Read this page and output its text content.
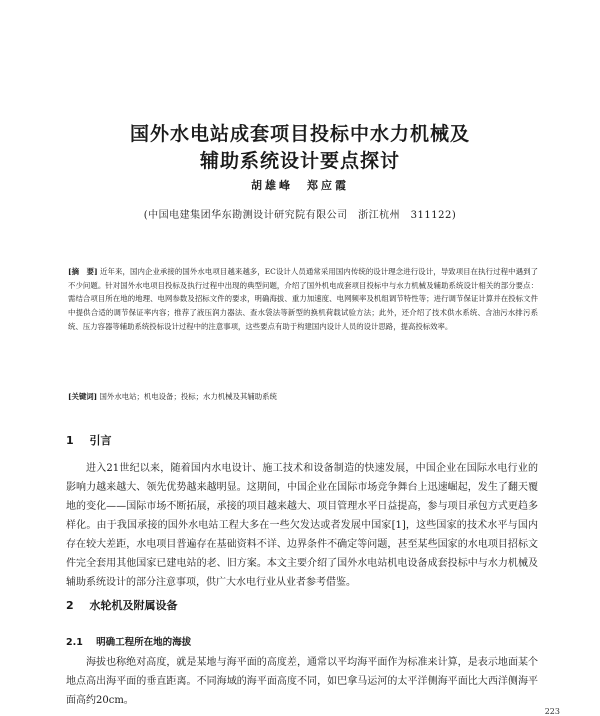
国外水电站成套项目投标中水力机械及
辅助系统设计要点探讨
胡雄峰　郑应霞
(中国电建集团华东勘测设计研究院有限公司　浙江杭州　311122)
[摘　要] 近年来，国内企业承接的国外水电项目越来越多，EC设计人员通常采用国内传统的设计理念进行设计，导致项目在执行过程中遇到了不少问题。针对国外水电项目投标及执行过程中出现的典型问题，介绍了国外机电成套项目投标中与水力机械及辅助系统设计相关的部分要点：需结合项目所在地的地理、电网参数及招标文件的要求，明确海拔、重力加速度、电网频率及机组调节特性等；进行调节保证计算并在投标文件中提供合适的调节保证率内容；推荐了液压润力器法、查水袋法等新型的换机荷载试验方法；此外，还介绍了技术供水系统、含油污水排污系统、压力容器等辅助系统投标设计过程中的注意事项，这些要点有助于构建国内设计人员的设计思路，提高投标效率。
[关键词] 国外水电站；机电设备；投标；水力机械及其辅助系统
1 引言

进入21世纪以来，随着国内水电设计、施工技术和设备制造的快速发展，中国企业在国际水电行业的影响力越来越大、领先优势越来越明显。这期间，中国企业在国际市场竞争舞台上迅速崛起，发生了翻天覆地的变化——国际市场不断拓展，承接的项目越来越大、项目管理水平日益提高，参与项目承包方式更趋多样化。由于我国承接的国外水电站工程大多在一些欠发达或者发展中国家[1]，这些国家的技术水平与国内存在较大差距，水电项目普遍存在基础资料不详、边界条件不确定等问题，甚至某些国家的水电项目招标文件完全套用其他国家已建电站的老、旧方案。本文主要介绍了国外水电站机电设备成套投标中与水力机械及辅助系统设计的部分注意事项，供广大水电行业从业者参考借鉴。

2 水轮机及附属设备
2.1 明确工程所在地的海拔

海拔也称绝对高度，就是某地与海平面的高度差，通常以平均海平面作为标准来计算，是表示地面某个地点高出海平面的垂直距离。不同海域的海平面高度不同，如巴拿马运河的太平洋侧海平面比大西洋侧海平面高约20cm。

223
